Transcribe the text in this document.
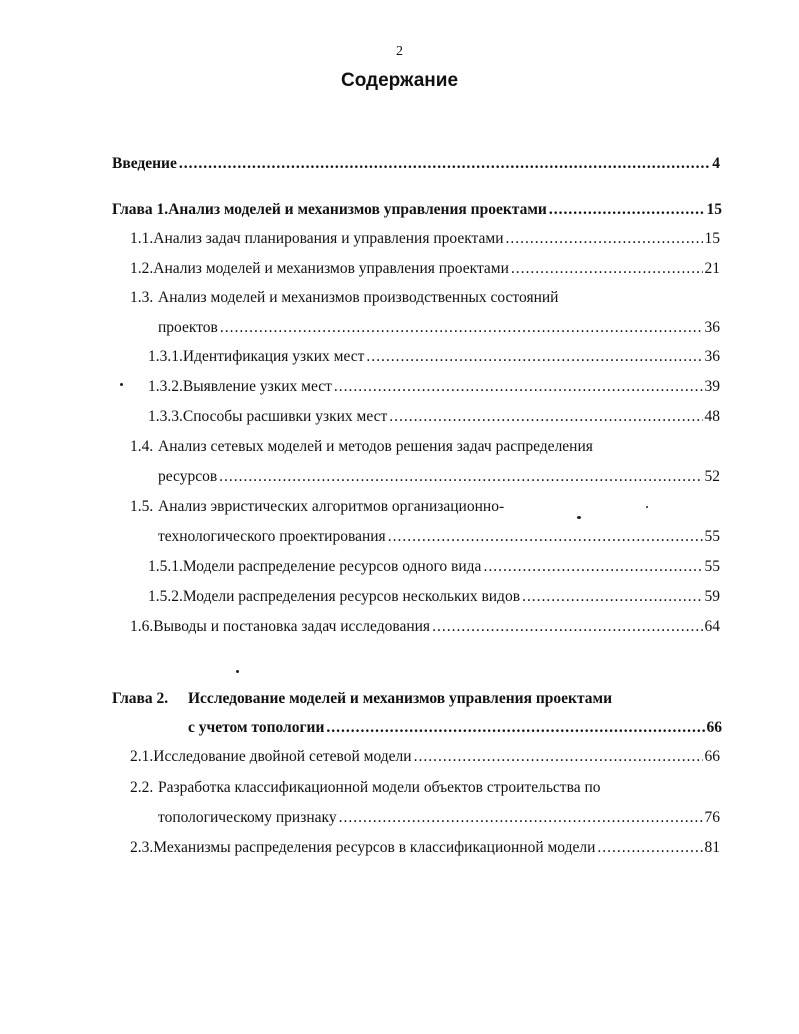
2
Содержание
Введение .....	4
Глава 1. Анализ моделей и механизмов управления проектами .....	15
1.1. Анализ задач планирования и управления проектами .....	15
1.2. Анализ моделей и механизмов управления проектами .....	21
1.3. Анализ моделей и механизмов производственных состояний
проектов .....	36
1.3.1. Идентификация узких мест .....	36
1.3.2. Выявление узких мест .....	39
1.3.3. Способы расшивки узких мест .....	48
1.4. Анализ сетевых моделей и методов решения задач распределения
ресурсов .....	52
1.5. Анализ эвристических алгоритмов организационно-
технологического проектирования .....	55
1.5.1. Модели распределение ресурсов одного вида .....	55
1.5.2. Модели распределения ресурсов нескольких видов .....	59
1.6. Выводы и постановка задач исследования .....	64
Глава 2.	Исследование моделей и механизмов управления проектами
с учетом топологии .....	66
2.1. Исследование двойной сетевой модели .....	66
2.2. Разработка классификационной модели объектов строительства по
топологическому признаку .....	76
2.3. Механизмы распределения ресурсов в классификационной модели .....	81
